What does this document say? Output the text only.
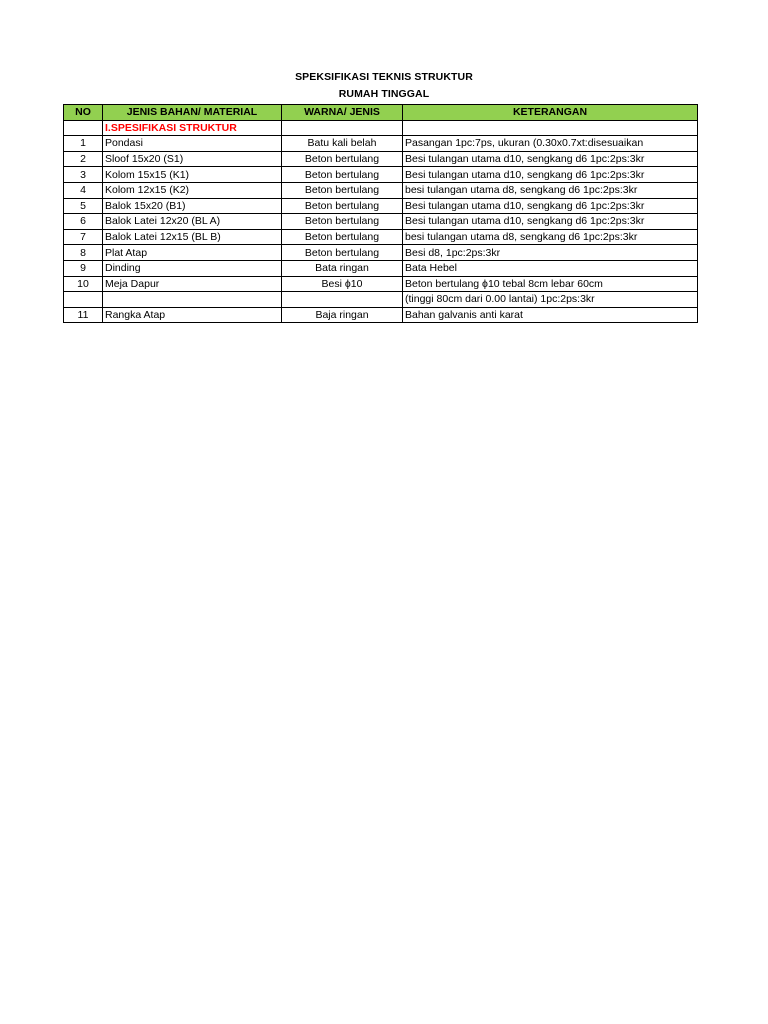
SPEKSIFIKASI TEKNIS STRUKTUR
RUMAH TINGGAL
NO	JENIS BAHAN/ MATERIAL	WARNA/ JENIS	KETERANGAN
	I.SPESIFIKASI STRUKTUR		
1	Pondasi	Batu kali belah	Pasangan 1pc:7ps, ukuran (0.30x0.7xt:disesuaikan
2	Sloof 15x20 (S1)	Beton bertulang	Besi tulangan utama d10, sengkang d6 1pc:2ps:3kr
3	Kolom 15x15 (K1)	Beton bertulang	Besi tulangan utama d10, sengkang d6 1pc:2ps:3kr
4	Kolom 12x15 (K2)	Beton bertulang	besi tulangan utama d8, sengkang d6 1pc:2ps:3kr
5	Balok 15x20 (B1)	Beton bertulang	Besi tulangan utama d10, sengkang d6 1pc:2ps:3kr
6	Balok Latei 12x20 (BL A)	Beton bertulang	Besi tulangan utama d10, sengkang d6 1pc:2ps:3kr
7	Balok Latei 12x15 (BL B)	Beton bertulang	besi tulangan utama d8, sengkang d6 1pc:2ps:3kr
8	Plat Atap	Beton bertulang	Besi d8, 1pc:2ps:3kr
9	Dinding	Bata ringan	Bata Hebel
10	Meja Dapur	Besi ϕ10	Beton bertulang ϕ10 tebal 8cm lebar 60cm
			(tinggi 80cm dari 0.00 lantai) 1pc:2ps:3kr
11	Rangka Atap	Baja ringan	Bahan galvanis anti karat
